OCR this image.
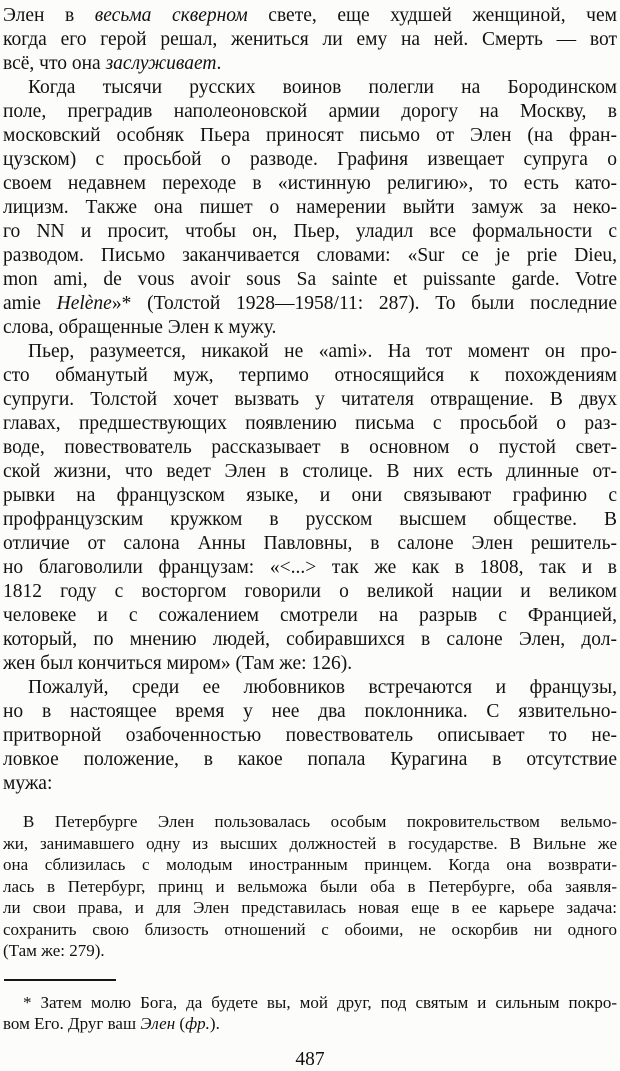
Элен в весьма скверном свете, еще худшей женщиной, чем
когда его герой решал, жениться ли ему на ней. Смерть — вот
всё, что она заслуживает.
Когда тысячи русских воинов полегли на Бородинском
поле, преградив наполеоновской армии дорогу на Москву, в
московский особняк Пьера приносят письмо от Элен (на фран-
цузском) с просьбой о разводе. Графиня извещает супруга о
своем недавнем переходе в «истинную религию», то есть като-
лицизм. Также она пишет о намерении выйти замуж за неко-
го NN и просит, чтобы он, Пьер, уладил все формальности с
разводом. Письмо заканчивается словами: «Sur ce je prie Dieu,
mon ami, de vous avoir sous Sa sainte et puissante garde. Votre
amie Helène»* (Толстой 1928—1958/11: 287). То были последние
слова, обращенные Элен к мужу.
Пьер, разумеется, никакой не «ami». На тот момент он про-
сто обманутый муж, терпимо относящийся к похождениям
супруги. Толстой хочет вызвать у читателя отвращение. В двух
главах, предшествующих появлению письма с просьбой о раз-
воде, повествователь рассказывает в основном о пустой свет-
ской жизни, что ведет Элен в столице. В них есть длинные от-
рывки на французском языке, и они связывают графиню с
профранцузским кружком в русском высшем обществе. В
отличие от салона Анны Павловны, в салоне Элен решитель-
но благоволили французам: «<...> так же как в 1808, так и в
1812 году с восторгом говорили о великой нации и великом
человеке и с сожалением смотрели на разрыв с Францией,
который, по мнению людей, собиравшихся в салоне Элен, дол-
жен был кончиться миром» (Там же: 126).
Пожалуй, среди ее любовников встречаются и французы,
но в настоящее время у нее два поклонника. С язвительно-
притворной озабоченностью повествователь описывает то не-
ловкое положение, в какое попала Курагина в отсутствие
мужа:
В Петербурге Элен пользовалась особым покровительством вельмо-
жи, занимавшего одну из высших должностей в государстве. В Вильне же
она сблизилась с молодым иностранным принцем. Когда она возврати-
лась в Петербург, принц и вельможа были оба в Петербурге, оба заявля-
ли свои права, и для Элен представилась новая еще в ее карьере задача:
сохранить свою близость отношений с обоими, не оскорбив ни одного
(Там же: 279).
* Затем молю Бога, да будете вы, мой друг, под святым и сильным покро-
вом Его. Друг ваш Элен (фр.).
487
